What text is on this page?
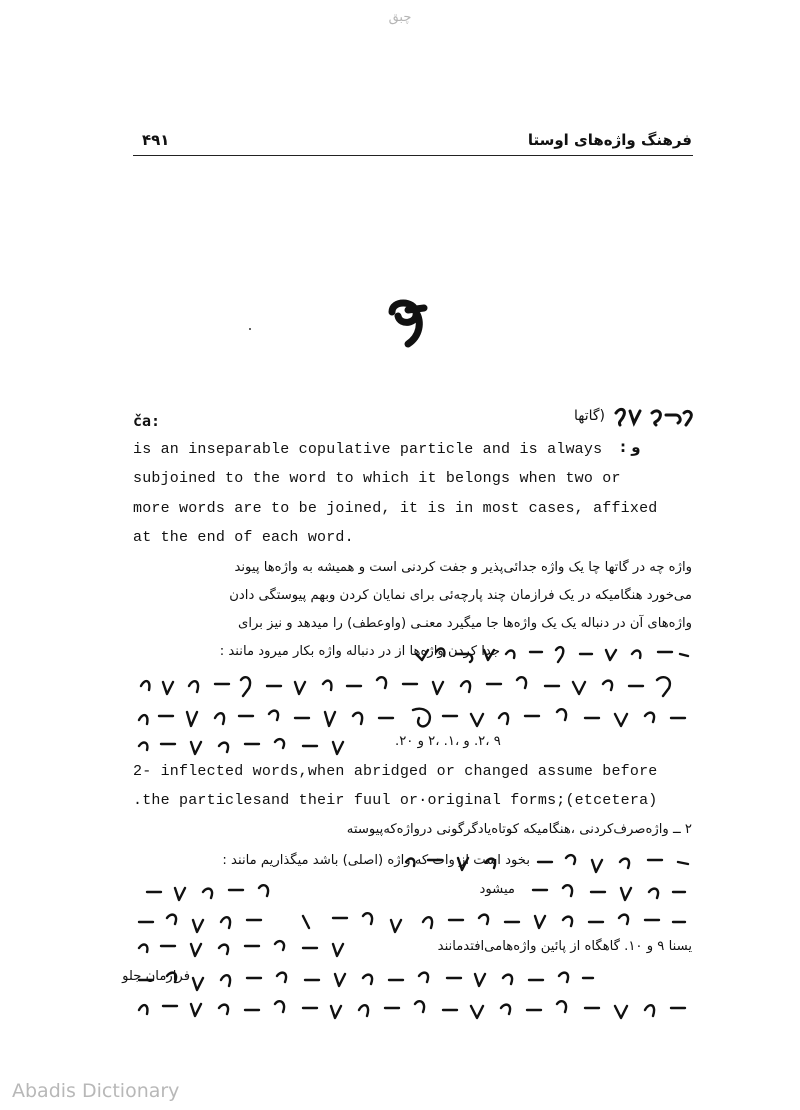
چبق
فرهنگ واژه‌های اوستا
۴۹۱
ča:	(گاتها
: و
is an inseparable copulative particle and is always
subjoined to the word to which it belongs when two or
more words are to be joined, it is in most cases, affixed
at the end of each word.
واژه چه در گاتها چا یک واژه جدائی‌پذیر و جفت کردنی است و همیشه به واژه‌ها پیوند
می‌خورد هنگامیکه در یک فرازمان چند پارچه‌ئی برای نمایان کردن وبهم پیوستگی دادن
واژه‌های آن در دنباله یک یک واژه‌ها جا میگیرد معنـی (واوعطف) را میدهد و نیز برای
جدا کردن واژه‌ها از در دنباله واژه بکار میرود مانند :
۹ ،۲. و ،۱. ،۲ و ۲۰.
2- inflected words,when abridged or changed assume before
.the particlesand their fuul or·original forms;(etcetera)
۲ ــ واژه‌صرف‌کردنی ،هنگامیکه کوتاه‌یادگرگونی درواژه‌که‌پیوسته
بخود است از وات که واژه (اصلی) باشد میگذاریم مانند :
میشود
یسنا ۹ و ۱۰. گاهگاه از پائین واژه‌هامی‌افتدمانند
فرازمان جلو
Abadis Dictionary
